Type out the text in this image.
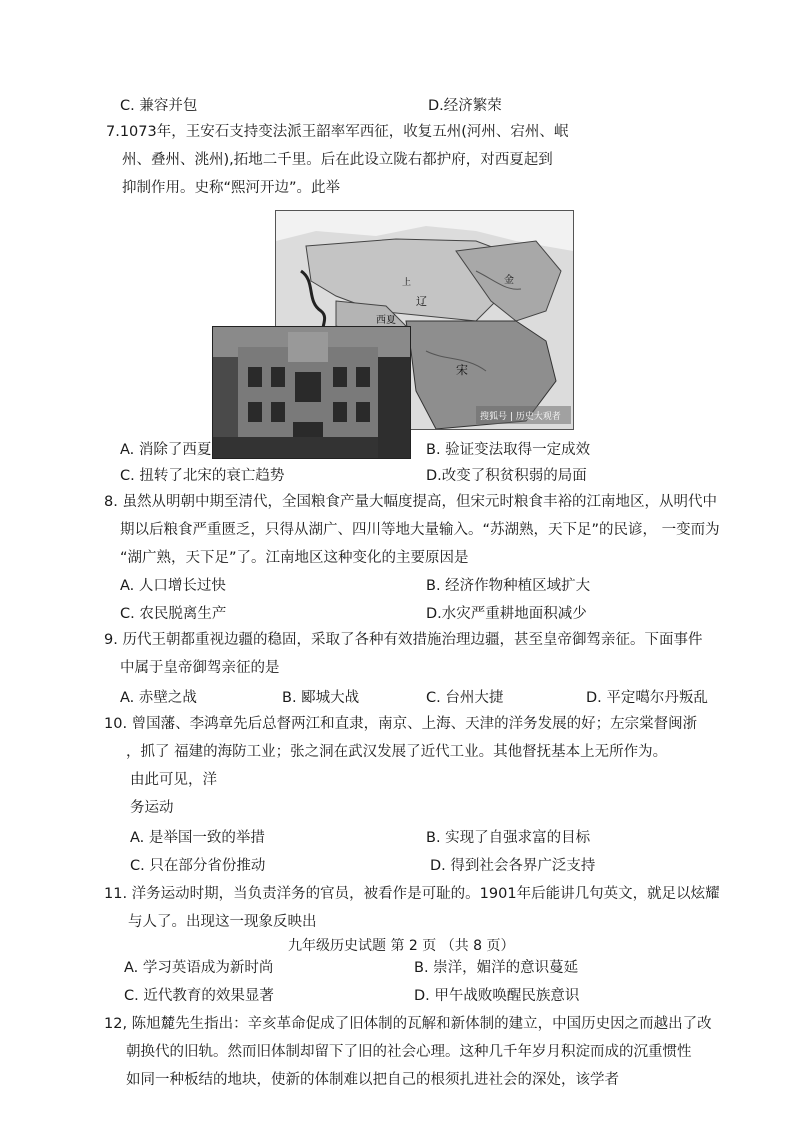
C. 兼容并包	D.经济繁荣
7.1073年，王安石支持变法派王韶率军西征，收复五州(河州、宕州、岷
州、叠州、洮州),拓地二千里。后在此设立陇右都护府，对西夏起到
抑制作用。史称“熙河开边”。此举
辽
上	金
西夏
宋
搜狐号 | 历史大观者
A. 消除了西夏	B. 验证变法取得一定成效
C. 扭转了北宋的衰亡趋势	D.改变了积贫积弱的局面
8. 虽然从明朝中期至清代，全国粮食产量大幅度提高，但宋元时粮食丰裕的江南地区，从明代中
期以后粮食严重匮乏，只得从湖广、四川等地大量输入。“苏湖熟，天下足”的民谚， 一变而为
“湖广熟，天下足”了。江南地区这种变化的主要原因是
A. 人口增长过快	B. 经济作物种植区域扩大
C. 农民脱离生产	D.水灾严重耕地面积减少
9. 历代王朝都重视边疆的稳固，采取了各种有效措施治理边疆，甚至皇帝御驾亲征。下面事件
中属于皇帝御驾亲征的是
A. 赤壁之战	B. 郾城大战	C. 台州大捷	D. 平定噶尔丹叛乱
10. 曾国藩、李鸿章先后总督两江和直隶，南京、上海、天津的洋务发展的好；左宗棠督闽浙
，抓了 福建的海防工业；张之洞在武汉发展了近代工业。其他督抚基本上无所作为。
由此可见，洋
务运动
A. 是举国一致的举措	B. 实现了自强求富的目标
C. 只在部分省份推动	D. 得到社会各界广泛支持
11. 洋务运动时期，当负责洋务的官员，被看作是可耻的。1901年后能讲几句英文，就足以炫耀
与人了。出现这一现象反映出
九年级历史试题 第 2 页 （共 8 页）
A. 学习英语成为新时尚	B. 崇洋，媚洋的意识蔓延
C. 近代教育的效果显著	D. 甲午战败唤醒民族意识
12, 陈旭麓先生指出：辛亥革命促成了旧体制的瓦解和新体制的建立，中国历史因之而越出了改
朝换代的旧轨。然而旧体制却留下了旧的社会心理。这种几千年岁月积淀而成的沉重惯性
如同一种板结的地块，使新的体制难以把自己的根须扎进社会的深处，该学者
